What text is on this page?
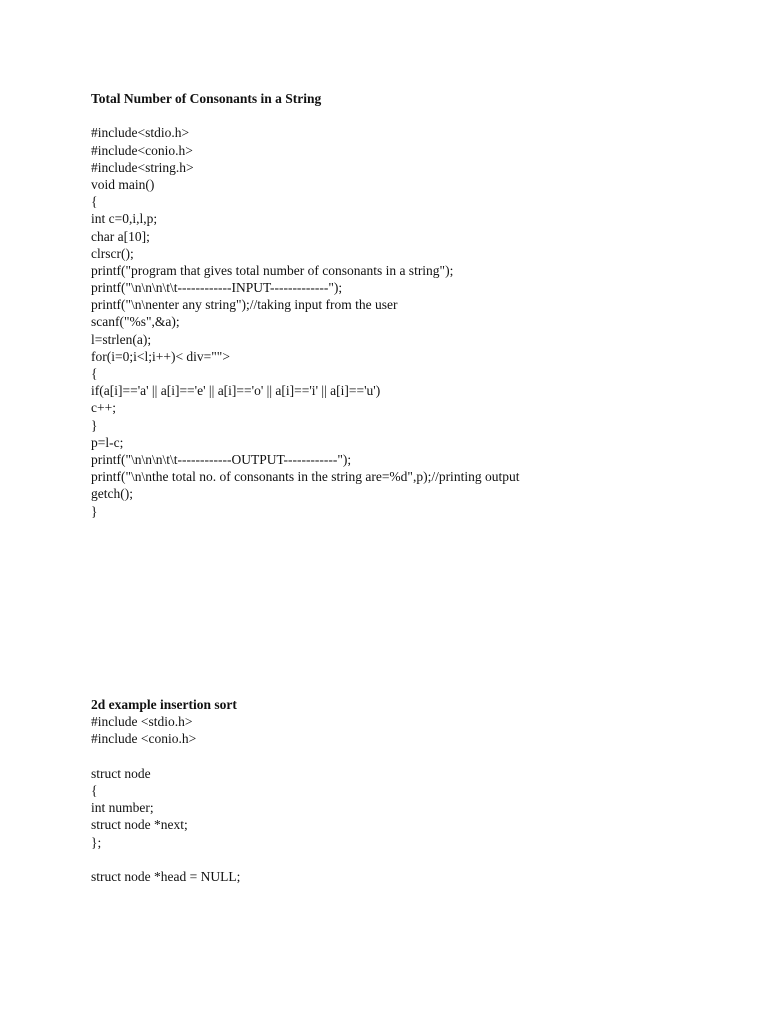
Total Number of Consonants in a String
#include<stdio.h>
#include<conio.h>
#include<string.h>
void main()
{
int c=0,i,l,p;
char a[10];
clrscr();
printf("program that gives total number of consonants in a string");
printf("\n\n\n\t\t------------INPUT-------------");
printf("\n\nenter any string");//taking input from the user
scanf("%s",&a);
l=strlen(a);
for(i=0;i<l;i++)< div="">
{
if(a[i]=='a' || a[i]=='e' || a[i]=='o' || a[i]=='i' || a[i]=='u')
c++;
}
p=l-c;
printf("\n\n\n\t\t------------OUTPUT------------");
printf("\n\nthe total no. of consonants in the string are=%d",p);//printing output
getch();
}
2d example insertion sort
#include <stdio.h>
#include <conio.h>
struct node
{
int number;
struct node *next;
};
struct node *head = NULL;
